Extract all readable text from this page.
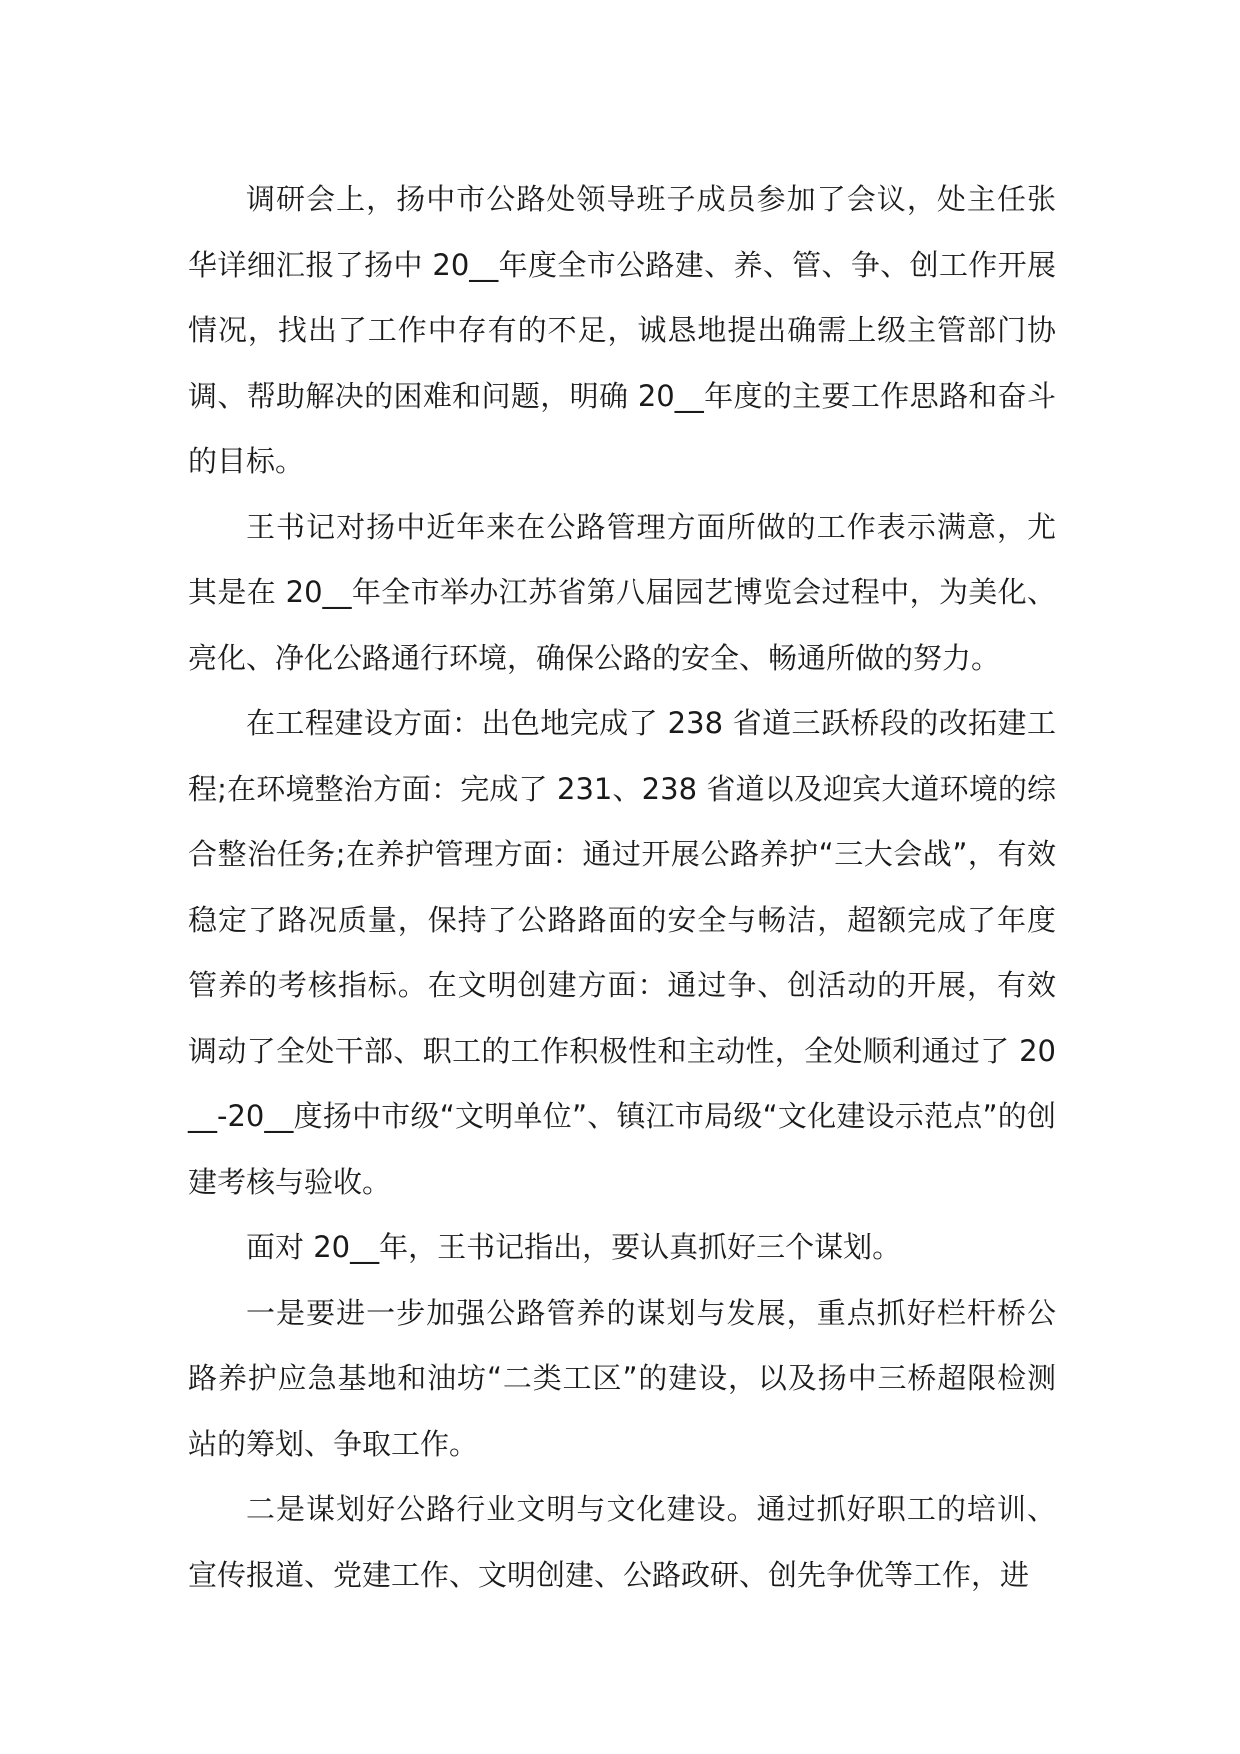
调研会上，扬中市公路处领导班子成员参加了会议，处主任张华详细汇报了扬中 20__年度全市公路建、养、管、争、创工作开展情况，找出了工作中存有的不足，诚恳地提出确需上级主管部门协调、帮助解决的困难和问题，明确 20__年度的主要工作思路和奋斗的目标。

王书记对扬中近年来在公路管理方面所做的工作表示满意，尤其是在 20__年全市举办江苏省第八届园艺博览会过程中，为美化、亮化、净化公路通行环境，确保公路的安全、畅通所做的努力。

在工程建设方面：出色地完成了 238 省道三跃桥段的改拓建工程;在环境整治方面：完成了 231、238 省道以及迎宾大道环境的综合整治任务;在养护管理方面：通过开展公路养护“三大会战”，有效稳定了路况质量，保持了公路路面的安全与畅洁，超额完成了年度管养的考核指标。在文明创建方面：通过争、创活动的开展，有效调动了全处干部、职工的工作积极性和主动性，全处顺利通过了 20__-20__度扬中市级“文明单位”、镇江市局级“文化建设示范点”的创建考核与验收。

面对 20__年，王书记指出，要认真抓好三个谋划。

一是要进一步加强公路管养的谋划与发展，重点抓好栏杆桥公路养护应急基地和油坊“二类工区”的建设，以及扬中三桥超限检测站的筹划、争取工作。

二是谋划好公路行业文明与文化建设。通过抓好职工的培训、宣传报道、党建工作、文明创建、公路政研、创先争优等工作，进
